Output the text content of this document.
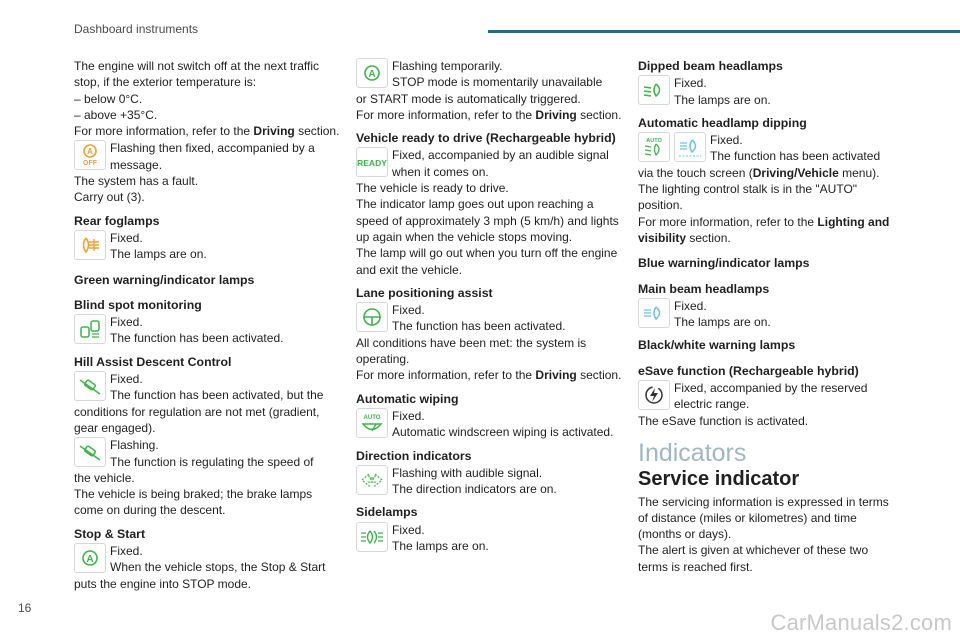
Dashboard instruments

The engine will not switch off at the next traffic

stop, if the exterior temperature is:

– below 0°C.

– above +35°C.

For more information, refer to the Driving section.

A
OFF

Flashing then fixed, accompanied by a message.

The system has a fault.

Carry out (3).

Rear foglamps

Fixed.

The lamps are on.

Green warning/indicator lamps
Blind spot monitoring

Fixed.

The function has been activated.

Hill Assist Descent Control

Fixed.

The function has been activated, but the

conditions for regulation are not met (gradient, gear engaged).

Flashing.

The function is regulating the speed of

the vehicle.

The vehicle is being braked; the brake lamps come on during the descent.

Stop & Start
A

Fixed.

When the vehicle stops, the Stop & Start

puts the engine into STOP mode.

A

Flashing temporarily.

STOP mode is momentarily unavailable

or START mode is automatically triggered.

For more information, refer to the Driving section.

Vehicle ready to drive (Rechargeable hybrid)
READY

Fixed, accompanied by an audible signal

when it comes on.

The vehicle is ready to drive.

The indicator lamp goes out upon reaching a speed of approximately 3 mph (5 km/h) and lights up again when the vehicle stops moving.

The lamp will go out when you turn off the engine and exit the vehicle.

Lane positioning assist

Fixed.

The function has been activated.

All conditions have been met: the system is operating.

For more information, refer to the Driving section.

Automatic wiping
AUTO Fixed.

Automatic windscreen wiping is activated.

Direction indicators

Flashing with audible signal.

The direction indicators are on.

Sidelamps

Fixed.

The lamps are on.

Dipped beam headlamps

Fixed.

The lamps are on.

Automatic headlamp dipping
AUTO	Fixed.

The function has been activated

via the touch screen (Driving/Vehicle menu).

The lighting control stalk is in the "AUTO" position.

For more information, refer to the Lighting and visibility section.

Blue warning/indicator lamps
Main beam headlamps

Fixed.

The lamps are on.

Black/white warning lamps
eSave function (Rechargeable hybrid)

Fixed, accompanied by the reserved

electric range.

The eSave function is activated.

Indicators
Service indicator

The servicing information is expressed in terms of distance (miles or kilometres) and time (months or days).

The alert is given at whichever of these two terms is reached first.

16
CarManuals2.com
